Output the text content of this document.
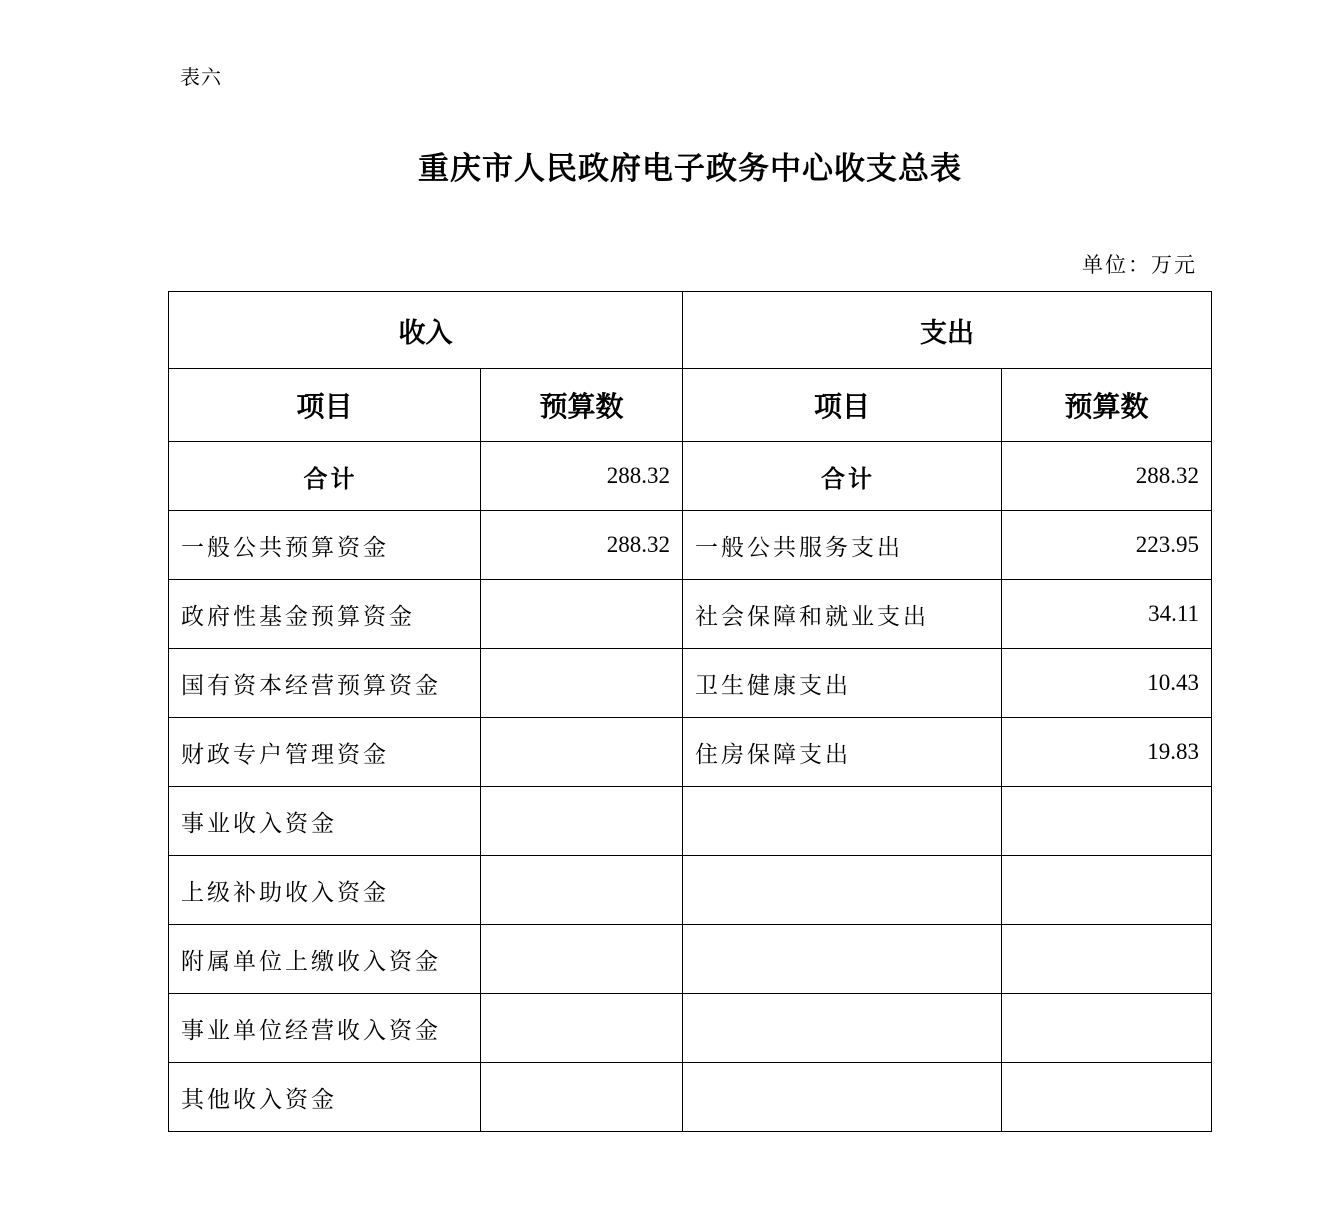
表六
重庆市人民政府电子政务中心收支总表
单位：万元
收入		支出	
项目	预算数	项目	预算数
合计	288.32	合计	288.32
一般公共预算资金	288.32	一般公共服务支出	223.95
政府性基金预算资金		社会保障和就业支出	34.11
国有资本经营预算资金		卫生健康支出	10.43
财政专户管理资金		住房保障支出	19.83
事业收入资金			
上级补助收入资金			
附属单位上缴收入资金			
事业单位经营收入资金			
其他收入资金			
